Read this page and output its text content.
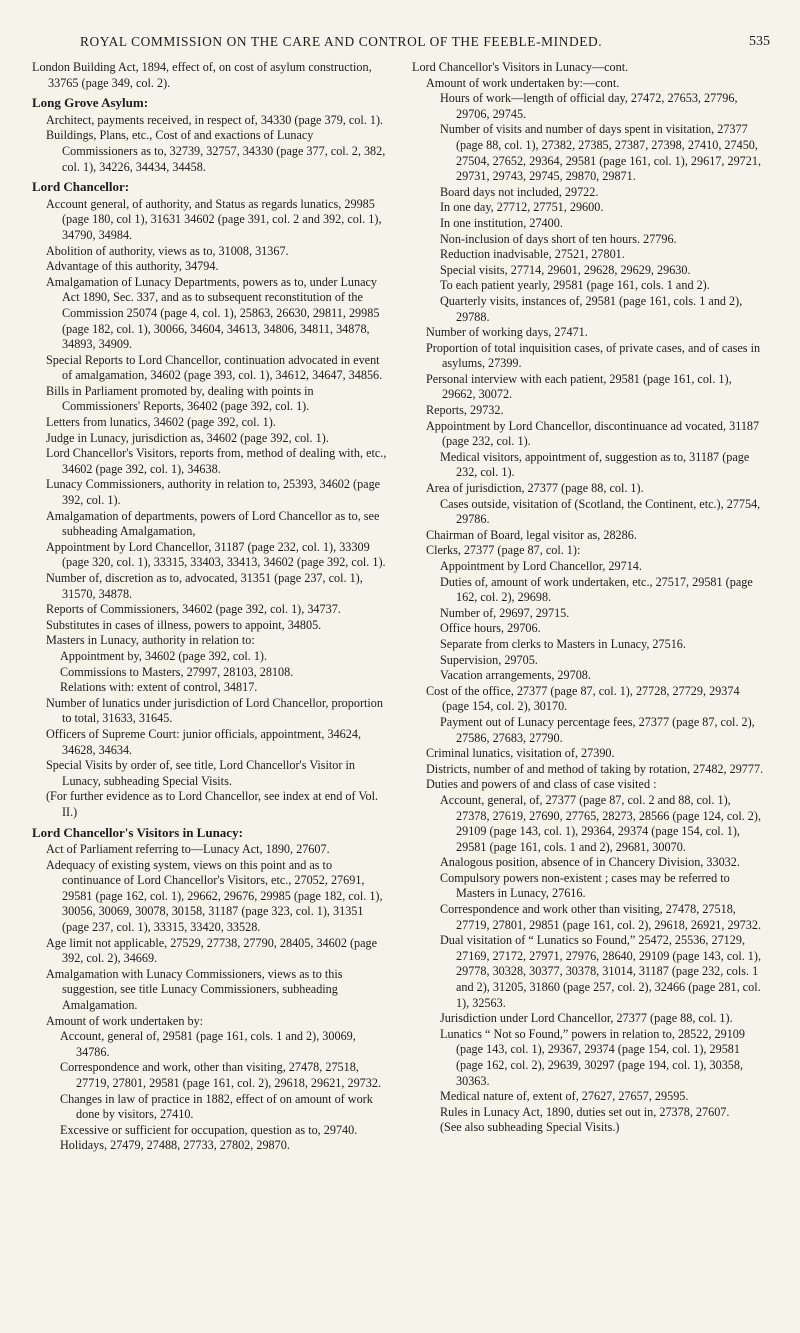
ROYAL COMMISSION ON THE CARE AND CONTROL OF THE FEEBLE-MINDED.	535

London Building Act, 1894, effect of, on cost of asylum construction, 33765 (page 349, col. 2).

Long Grove Asylum:

Architect, payments received, in respect of, 34330 (page 379, col. 1).

Buildings, Plans, etc., Cost of and exactions of Lunacy Commissioners as to, 32739, 32757, 34330 (page 377, col. 2, 382, col. 1), 34226, 34434, 34458.

Lord Chancellor:

Account general, of authority, and Status as regards lunatics, 29985 (page 180, col 1), 31631 34602 (page 391, col. 2 and 392, col. 1), 34790, 34984.

Abolition of authority, views as to, 31008, 31367.

Advantage of this authority, 34794.

Amalgamation of Lunacy Departments, powers as to, under Lunacy Act 1890, Sec. 337, and as to subsequent reconstitution of the Commission 25074 (page 4, col. 1), 25863, 26630, 29811, 29985 (page 182, col. 1), 30066, 34604, 34613, 34806, 34811, 34878, 34893, 34909.

Special Reports to Lord Chancellor, continuation advocated in event of amalgamation, 34602 (page 393, col. 1), 34612, 34647, 34856.

Bills in Parliament promoted by, dealing with points in Commissioners' Reports, 36402 (page 392, col. 1).

Letters from lunatics, 34602 (page 392, col. 1).

Judge in Lunacy, jurisdiction as, 34602 (page 392, col. 1).

Lord Chancellor's Visitors, reports from, method of dealing with, etc., 34602 (page 392, col. 1), 34638.

Lunacy Commissioners, authority in relation to, 25393, 34602 (page 392, col. 1).

Amalgamation of departments, powers of Lord Chancellor as to, see subheading Amalgamation,

Appointment by Lord Chancellor, 31187 (page 232, col. 1), 33309 (page 320, col. 1), 33315, 33403, 33413, 34602 (page 392, col. 1).

Number of, discretion as to, advocated, 31351 (page 237, col. 1), 31570, 34878.

Reports of Commissioners, 34602 (page 392, col. 1), 34737.

Substitutes in cases of illness, powers to appoint, 34805.

Masters in Lunacy, authority in relation to:

Appointment by, 34602 (page 392, col. 1).

Commissions to Masters, 27997, 28103, 28108.

Relations with: extent of control, 34817.

Number of lunatics under jurisdiction of Lord Chancellor, proportion to total, 31633, 31645.

Officers of Supreme Court: junior officials, appointment, 34624, 34628, 34634.

Special Visits by order of, see title, Lord Chancellor's Visitor in Lunacy, subheading Special Visits.

(For further evidence as to Lord Chancellor, see index at end of Vol. II.)

Lord Chancellor's Visitors in Lunacy:

Act of Parliament referring to—Lunacy Act, 1890, 27607.

Adequacy of existing system, views on this point and as to continuance of Lord Chancellor's Visitors, etc., 27052, 27691, 29581 (page 162, col. 1), 29662, 29676, 29985 (page 182, col. 1), 30056, 30069, 30078, 30158, 31187 (page 323, col. 1), 31351 (page 237, col. 1), 33315, 33420, 33528.

Age limit not applicable, 27529, 27738, 27790, 28405, 34602 (page 392, col. 2), 34669.

Amalgamation with Lunacy Commissioners, views as to this suggestion, see title Lunacy Commissioners, subheading Amalgamation.

Amount of work undertaken by:

Account, general of, 29581 (page 161, cols. 1 and 2), 30069, 34786.

Correspondence and work, other than visiting, 27478, 27518, 27719, 27801, 29581 (page 161, col. 2), 29618, 29621, 29732.

Changes in law of practice in 1882, effect of on amount of work done by visitors, 27410.

Excessive or sufficient for occupation, question as to, 29740.

Holidays, 27479, 27488, 27733, 27802, 29870.

Lord Chancellor's Visitors in Lunacy—cont.

Amount of work undertaken by:—cont.

Hours of work—length of official day, 27472, 27653, 27796, 29706, 29745.

Number of visits and number of days spent in visitation, 27377 (page 88, col. 1), 27382, 27385, 27387, 27398, 27410, 27450, 27504, 27652, 29364, 29581 (page 161, col. 1), 29617, 29721, 29731, 29743, 29745, 29870, 29871.

Board days not included, 29722.

In one day, 27712, 27751, 29600.

In one institution, 27400.

Non-inclusion of days short of ten hours. 27796.

Reduction inadvisable, 27521, 27801.

Special visits, 27714, 29601, 29628, 29629, 29630.

To each patient yearly, 29581 (page 161, cols. 1 and 2).

Quarterly visits, instances of, 29581 (page 161, cols. 1 and 2), 29788.

Number of working days, 27471.

Proportion of total inquisition cases, of private cases, and of cases in asylums, 27399.

Personal interview with each patient, 29581 (page 161, col. 1), 29662, 30072.

Reports, 29732.

Appointment by Lord Chancellor, discontinuance ad vocated, 31187 (page 232, col. 1).

Medical visitors, appointment of, suggestion as to, 31187 (page 232, col. 1).

Area of jurisdiction, 27377 (page 88, col. 1).

Cases outside, visitation of (Scotland, the Continent, etc.), 27754, 29786.

Chairman of Board, legal visitor as, 28286.

Clerks, 27377 (page 87, col. 1):

Appointment by Lord Chancellor, 29714.

Duties of, amount of work undertaken, etc., 27517, 29581 (page 162, col. 2), 29698.

Number of, 29697, 29715.

Office hours, 29706.

Separate from clerks to Masters in Lunacy, 27516.

Supervision, 29705.

Vacation arrangements, 29708.

Cost of the office, 27377 (page 87, col. 1), 27728, 27729, 29374 (page 154, col. 2), 30170.

Payment out of Lunacy percentage fees, 27377 (page 87, col. 2), 27586, 27683, 27790.

Criminal lunatics, visitation of, 27390.

Districts, number of and method of taking by rotation, 27482, 29777.

Duties and powers of and class of case visited :

Account, general, of, 27377 (page 87, col. 2 and 88, col. 1), 27378, 27619, 27690, 27765, 28273, 28566 (page 124, col. 2), 29109 (page 143, col. 1), 29364, 29374 (page 154, col. 1), 29581 (page 161, cols. 1 and 2), 29681, 30070.

Analogous position, absence of in Chancery Division, 33032.

Compulsory powers non-existent ; cases may be referred to Masters in Lunacy, 27616.

Correspondence and work other than visiting, 27478, 27518, 27719, 27801, 29851 (page 161, col. 2), 29618, 26921, 29732.

Dual visitation of “ Lunatics so Found,” 25472, 25536, 27129, 27169, 27172, 27971, 27976, 28640, 29109 (page 143, col. 1), 29778, 30328, 30377, 30378, 31014, 31187 (page 232, cols. 1 and 2), 31205, 31860 (page 257, col. 2), 32466 (page 281, col. 1), 32563.

Jurisdiction under Lord Chancellor, 27377 (page 88, col. 1).

Lunatics “ Not so Found,” powers in relation to, 28522, 29109 (page 143, col. 1), 29367, 29374 (page 154, col. 1), 29581 (page 162, col. 2), 29639, 30297 (page 194, col. 1), 30358, 30363.

Medical nature of, extent of, 27627, 27657, 29595.

Rules in Lunacy Act, 1890, duties set out in, 27378, 27607.

(See also subheading Special Visits.)
